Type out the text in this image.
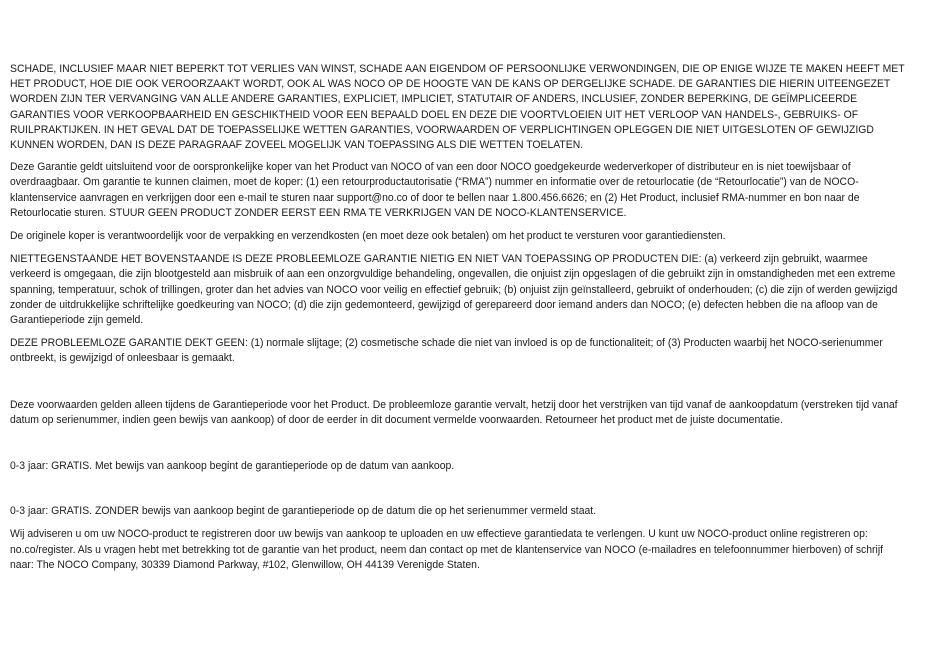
SCHADE, INCLUSIEF MAAR NIET BEPERKT TOT VERLIES VAN WINST, SCHADE AAN EIGENDOM OF PERSOONLIJKE VERWONDINGEN, DIE OP ENIGE WIJZE TE MAKEN HEEFT MET HET PRODUCT, HOE DIE OOK VEROORZAAKT WORDT, OOK AL WAS NOCO OP DE HOOGTE VAN DE KANS OP DERGELIJKE SCHADE. DE GARANTIES DIE HIERIN UITEENGEZET WORDEN ZIJN TER VERVANGING VAN ALLE ANDERE GARANTIES, EXPLICIET, IMPLICIET, STATUTAIR OF ANDERS, INCLUSIEF, ZONDER BEPERKING, DE GEÏMPLICEERDE GARANTIES VOOR VERKOOPBAARHEID EN GESCHIKTHEID VOOR EEN BEPAALD DOEL EN DEZE DIE VOORTVLOEIEN UIT HET VERLOOP VAN HANDELS-, GEBRUIKS- OF RUILPRAKTIJKEN. IN HET GEVAL DAT DE TOEPASSELIJKE WETTEN GARANTIES, VOORWAARDEN OF VERPLICHTINGEN OPLEGGEN DIE NIET UITGESLOTEN OF GEWIJZIGD KUNNEN WORDEN, DAN IS DEZE PARAGRAAF ZOVEEL MOGELIJK VAN TOEPASSING ALS DIE WETTEN TOELATEN.

Deze Garantie geldt uitsluitend voor de oorspronkelijke koper van het Product van NOCO of van een door NOCO goedgekeurde wederverkoper of distributeur en is niet toewijsbaar of overdraagbaar. Om garantie te kunnen claimen, moet de koper: (1) een retourproductautorisatie (“RMA”) nummer en informatie over de retourlocatie (de “Retourlocatie”) van de NOCO-klantenservice aanvragen en verkrijgen door een e-mail te sturen naar support@no.co of door te bellen naar 1.800.456.6626; en (2) Het Product, inclusief RMA-nummer en bon naar de Retourlocatie sturen. STUUR GEEN PRODUCT ZONDER EERST EEN RMA TE VERKRIJGEN VAN DE NOCO-KLANTENSERVICE.

De originele koper is verantwoordelijk voor de verpakking en verzendkosten (en moet deze ook betalen) om het product te versturen voor garantiediensten.

NIETTEGENSTAANDE HET BOVENSTAANDE IS DEZE PROBLEEMLOZE GARANTIE NIETIG EN NIET VAN TOEPASSING OP PRODUCTEN DIE: (a) verkeerd zijn gebruikt, waarmee verkeerd is omgegaan, die zijn blootgesteld aan misbruik of aan een onzorgvuldige behandeling, ongevallen, die onjuist zijn opgeslagen of die gebruikt zijn in omstandigheden met een extreme spanning, temperatuur, schok of trillingen, groter dan het advies van NOCO voor veilig en effectief gebruik; (b) onjuist zijn geïnstalleerd, gebruikt of onderhouden; (c) die zijn of werden gewijzigd zonder de uitdrukkelijke schriftelijke goedkeuring van NOCO; (d) die zijn gedemonteerd, gewijzigd of gerepareerd door iemand anders dan NOCO; (e) defecten hebben die na afloop van de Garantieperiode zijn gemeld.

DEZE PROBLEEMLOZE GARANTIE DEKT GEEN: (1) normale slijtage; (2) cosmetische schade die niet van invloed is op de functionaliteit; of (3) Producten waarbij het NOCO-serienummer ontbreekt, is gewijzigd of onleesbaar is gemaakt.

Deze voorwaarden gelden alleen tijdens de Garantieperiode voor het Product. De probleemloze garantie vervalt, hetzij door het verstrijken van tijd vanaf de aankoopdatum (verstreken tijd vanaf datum op serienummer, indien geen bewijs van aankoop) of door de eerder in dit document vermelde voorwaarden. Retourneer het product met de juiste documentatie.

0-3 jaar: GRATIS. Met bewijs van aankoop begint de garantieperiode op de datum van aankoop.

0-3 jaar: GRATIS. ZONDER bewijs van aankoop begint de garantieperiode op de datum die op het serienummer vermeld staat.

Wij adviseren u om uw NOCO-product te registreren door uw bewijs van aankoop te uploaden en uw effectieve garantiedata te verlengen. U kunt uw NOCO-product online registreren op: no.co/register. Als u vragen hebt met betrekking tot de garantie van het product, neem dan contact op met de klantenservice van NOCO (e-mailadres en telefoonnummer hierboven) of schrijf naar: The NOCO Company, 30339 Diamond Parkway, #102, Glenwillow, OH 44139 Verenigde Staten.
